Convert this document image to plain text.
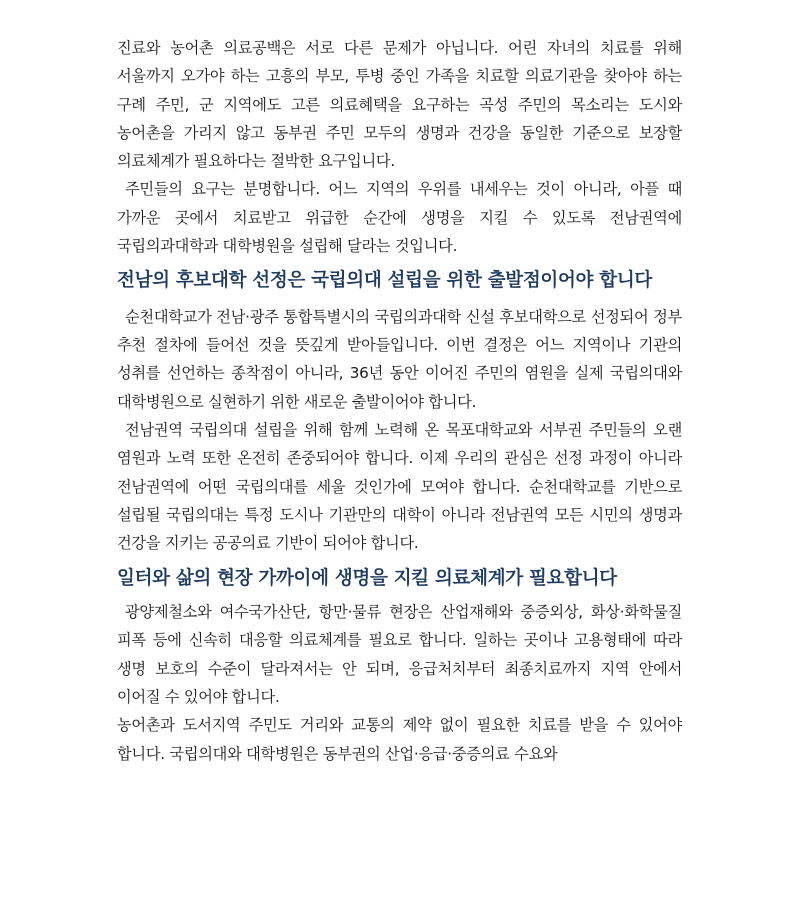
진료와 농어촌 의료공백은 서로 다른 문제가 아닙니다. 어린 자녀의 치료를 위해 서울까지 오가야 하는 고흥의 부모, 투병 중인 가족을 치료할 의료기관을 찾아야 하는 구례 주민, 군 지역에도 고른 의료혜택을 요구하는 곡성 주민의 목소리는 도시와 농어촌을 가리지 않고 동부권 주민 모두의 생명과 건강을 동일한 기준으로 보장할 의료체계가 필요하다는 절박한 요구입니다.

주민들의 요구는 분명합니다. 어느 지역의 우위를 내세우는 것이 아니라, 아플 때 가까운 곳에서 치료받고 위급한 순간에 생명을 지킬 수 있도록 전남권역에 국립의과대학과 대학병원을 설립해 달라는 것입니다.

전남의 후보대학 선정은 국립의대 설립을 위한 출발점이어야 합니다

순천대학교가 전남·광주 통합특별시의 국립의과대학 신설 후보대학으로 선정되어 정부 추천 절차에 들어선 것을 뜻깊게 받아들입니다. 이번 결정은 어느 지역이나 기관의 성취를 선언하는 종착점이 아니라, 36년 동안 이어진 주민의 염원을 실제 국립의대와 대학병원으로 실현하기 위한 새로운 출발이어야 합니다.

전남권역 국립의대 설립을 위해 함께 노력해 온 목포대학교와 서부권 주민들의 오랜 염원과 노력 또한 온전히 존중되어야 합니다. 이제 우리의 관심은 선정 과정이 아니라 전남권역에 어떤 국립의대를 세울 것인가에 모여야 합니다. 순천대학교를 기반으로 설립될 국립의대는 특정 도시나 기관만의 대학이 아니라 전남권역 모든 시민의 생명과 건강을 지키는 공공의료 기반이 되어야 합니다.

일터와 삶의 현장 가까이에 생명을 지킬 의료체계가 필요합니다

광양제철소와 여수국가산단, 항만·물류 현장은 산업재해와 중증외상, 화상·화학물질 피폭 등에 신속히 대응할 의료체계를 필요로 합니다. 일하는 곳이나 고용형태에 따라 생명 보호의 수준이 달라져서는 안 되며, 응급처치부터 최종치료까지 지역 안에서 이어질 수 있어야 합니다.

농어촌과 도서지역 주민도 거리와 교통의 제약 없이 필요한 치료를 받을 수 있어야 합니다. 국립의대와 대학병원은 동부권의 산업·응급·중증의료 수요와
